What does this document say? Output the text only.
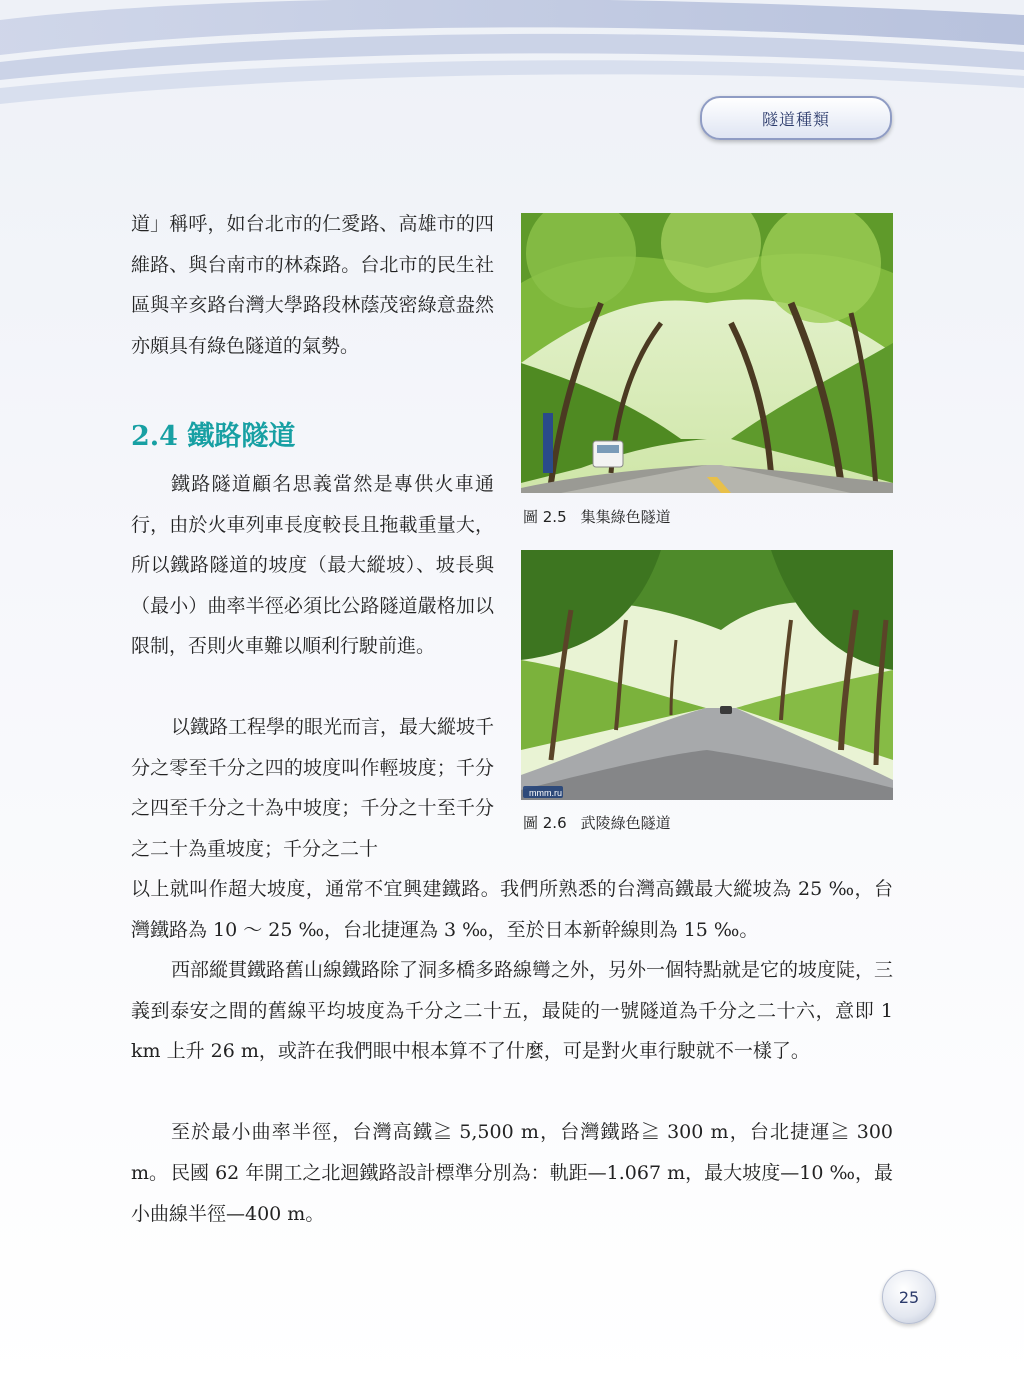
隧道種類

道」稱呼，如台北市的仁愛路、高雄市的四維路、與台南市的林森路。台北市的民生社區與辛亥路台灣大學路段林蔭茂密綠意盎然亦頗具有綠色隧道的氣勢。

2.4 鐵路隧道

鐵路隧道顧名思義當然是專供火車通行，由於火車列車長度較長且拖載重量大，所以鐵路隧道的坡度（最大縱坡）、坡長與（最小）曲率半徑必須比公路隧道嚴格加以限制，否則火車難以順利行駛前進。

以鐵路工程學的眼光而言，最大縱坡千分之零至千分之四的坡度叫作輕坡度；千分之四至千分之十為中坡度；千分之十至千分之二十為重坡度；千分之二十

以上就叫作超大坡度，通常不宜興建鐵路。我們所熟悉的台灣高鐵最大縱坡為 25 ‰，台灣鐵路為 10 ～ 25 ‰，台北捷運為 3 ‰，至於日本新幹線則為 15 ‰。

西部縱貫鐵路舊山線鐵路除了洞多橋多路線彎之外，另外一個特點就是它的坡度陡，三義到泰安之間的舊線平均坡度為千分之二十五，最陡的一號隧道為千分之二十六，意即 1 km 上升 26 m，或許在我們眼中根本算不了什麼，可是對火車行駛就不一樣了。

至於最小曲率半徑，台灣高鐵≧ 5,500 m，台灣鐵路≧ 300 m，台北捷運≧ 300 m。 民國 62 年開工之北迴鐵路設計標準分別為：軌距—1.067 m，最大坡度—10 ‰，最小曲線半徑—400 m。

圖 2.5 集集綠色隧道
mmm.ru
圖 2.6 武陵綠色隧道
25
